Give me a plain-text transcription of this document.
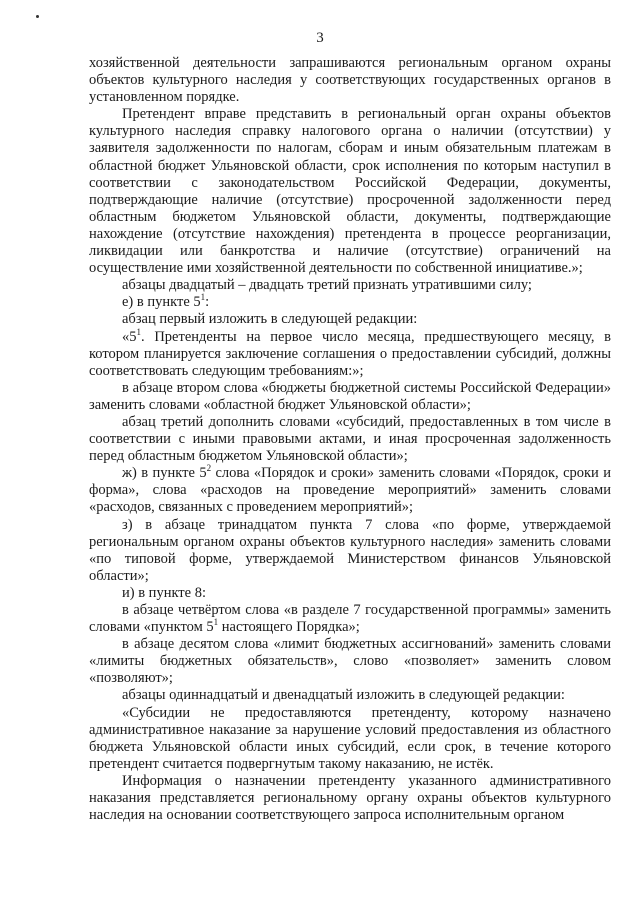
3

хозяйственной деятельности запрашиваются региональным органом охраны объектов культурного наследия у соответствующих государственных органов в установленном порядке.

Претендент вправе представить в региональный орган охраны объектов культурного наследия справку налогового органа о наличии (отсутствии) у заявителя задолженности по налогам, сборам и иным обязательным платежам в областной бюджет Ульяновской области, срок исполнения по которым наступил в соответствии с законодательством Российской Федерации, документы, подтверждающие наличие (отсутствие) просроченной задолженности перед областным бюджетом Ульяновской области, документы, подтверждающие нахождение (отсутствие нахождения) претендента в процессе реорганизации, ликвидации или банкротства и наличие (отсутствие) ограничений на осуществление ими хозяйственной деятельности по собственной инициативе.»;

абзацы двадцатый – двадцать третий признать утратившими силу;

е) в пункте $5^1$:

абзац первый изложить в следующей редакции:

«$5^1$. Претенденты на первое число месяца, предшествующего месяцу, в котором планируется заключение соглашения о предоставлении субсидий, должны соответствовать следующим требованиям:»;

в абзаце втором слова «бюджеты бюджетной системы Российской Федерации» заменить словами «областной бюджет Ульяновской области»;

абзац третий дополнить словами «субсидий, предоставленных в том числе в соответствии с иными правовыми актами, и иная просроченная задолженность перед областным бюджетом Ульяновской области»;

ж) в пункте $5^2$ слова «Порядок и сроки» заменить словами «Порядок, сроки и форма», слова «расходов на проведение мероприятий» заменить словами «расходов, связанных с проведением мероприятий»;

з) в абзаце тринадцатом пункта 7 слова «по форме, утверждаемой региональным органом охраны объектов культурного наследия» заменить словами «по типовой форме, утверждаемой Министерством финансов Ульяновской области»;

и) в пункте 8:

в абзаце четвёртом слова «в разделе 7 государственной программы» заменить словами «пунктом $5^1$ настоящего Порядка»;

в абзаце десятом слова «лимит бюджетных ассигнований» заменить словами «лимиты бюджетных обязательств», слово «позволяет» заменить словом «позволяют»;

абзацы одиннадцатый и двенадцатый изложить в следующей редакции:

«Субсидии не предоставляются претенденту, которому назначено административное наказание за нарушение условий предоставления из областного бюджета Ульяновской области иных субсидий, если срок, в течение которого претендент считается подвергнутым такому наказанию, не истёк.

Информация о назначении претенденту указанного административного наказания представляется региональному органу охраны объектов культурного наследия на основании соответствующего запроса исполнительным органом
